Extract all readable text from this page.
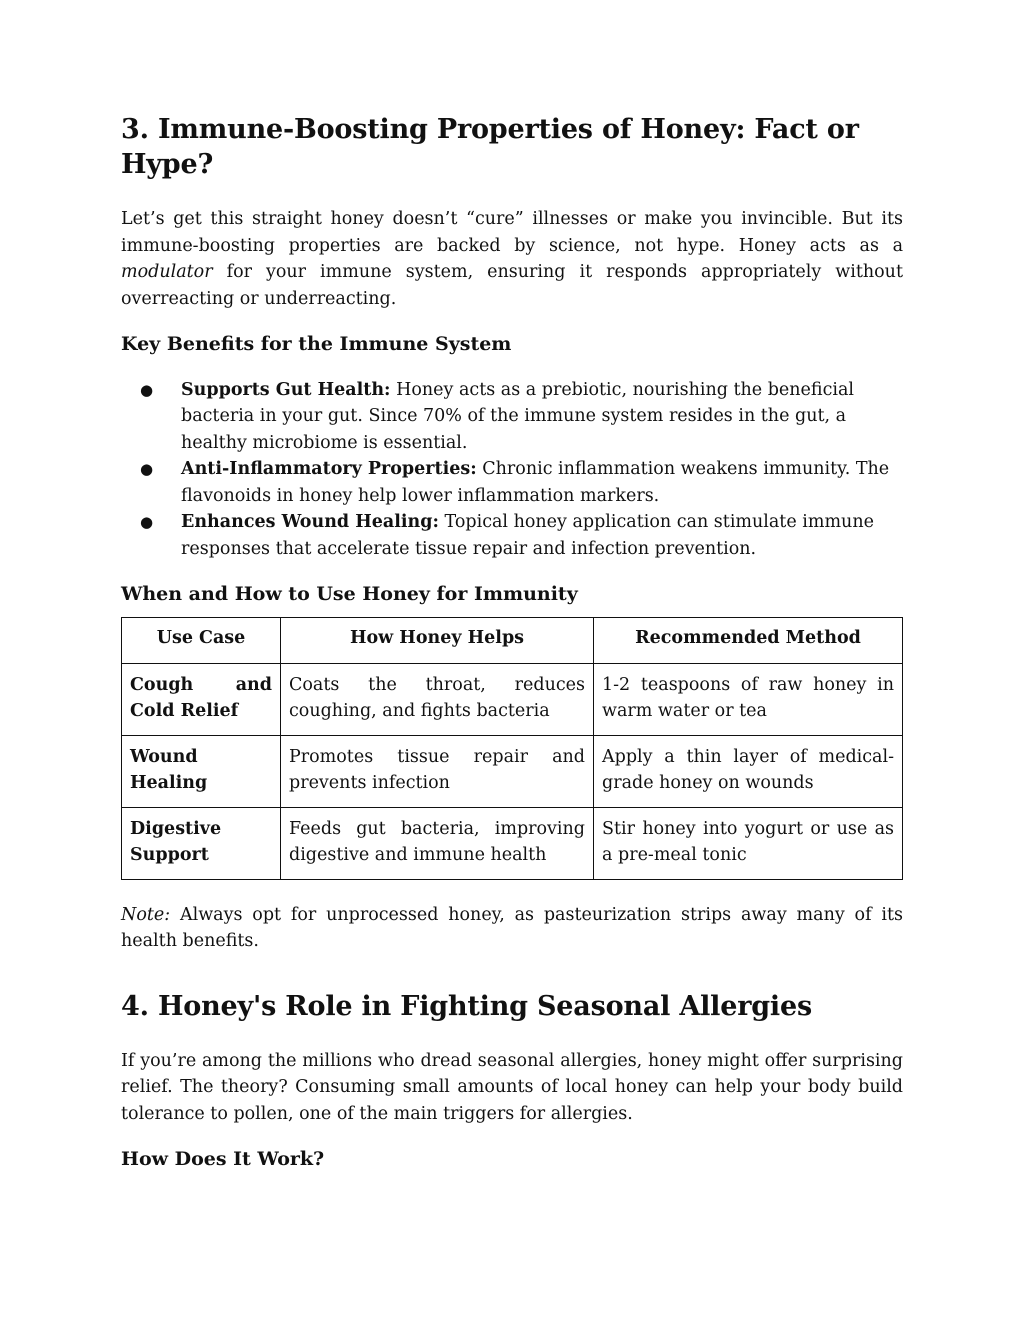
3. Immune-Boosting Properties of Honey: Fact or Hype?

Let’s get this straight honey doesn’t “cure” illnesses or make you invincible. But its immune-boosting properties are backed by science, not hype. Honey acts as a modulator for your immune system, ensuring it responds appropriately without overreacting or underreacting.

Key Benefits for the Immune System
● Supports Gut Health: Honey acts as a prebiotic, nourishing the beneficial bacteria in your gut. Since 70% of the immune system resides in the gut, a healthy microbiome is essential.
● Anti-Inflammatory Properties: Chronic inflammation weakens immunity. The flavonoids in honey help lower inflammation markers.
● Enhances Wound Healing: Topical honey application can stimulate immune responses that accelerate tissue repair and infection prevention.
When and How to Use Honey for Immunity
Use Case	How Honey Helps	Recommended Method
Cough and Cold Relief	Coats the throat, reduces coughing, and fights bacteria	1-2 teaspoons of raw honey in warm water or tea
Wound Healing	Promotes tissue repair and prevents infection	Apply a thin layer of medical-grade honey on wounds
Digestive Support	Feeds gut bacteria, improving digestive and immune health	Stir honey into yogurt or use as a pre-meal tonic

Note: Always opt for unprocessed honey, as pasteurization strips away many of its health benefits.

4. Honey's Role in Fighting Seasonal Allergies

If you’re among the millions who dread seasonal allergies, honey might offer surprising relief. The theory? Consuming small amounts of local honey can help your body build tolerance to pollen, one of the main triggers for allergies.

How Does It Work?
